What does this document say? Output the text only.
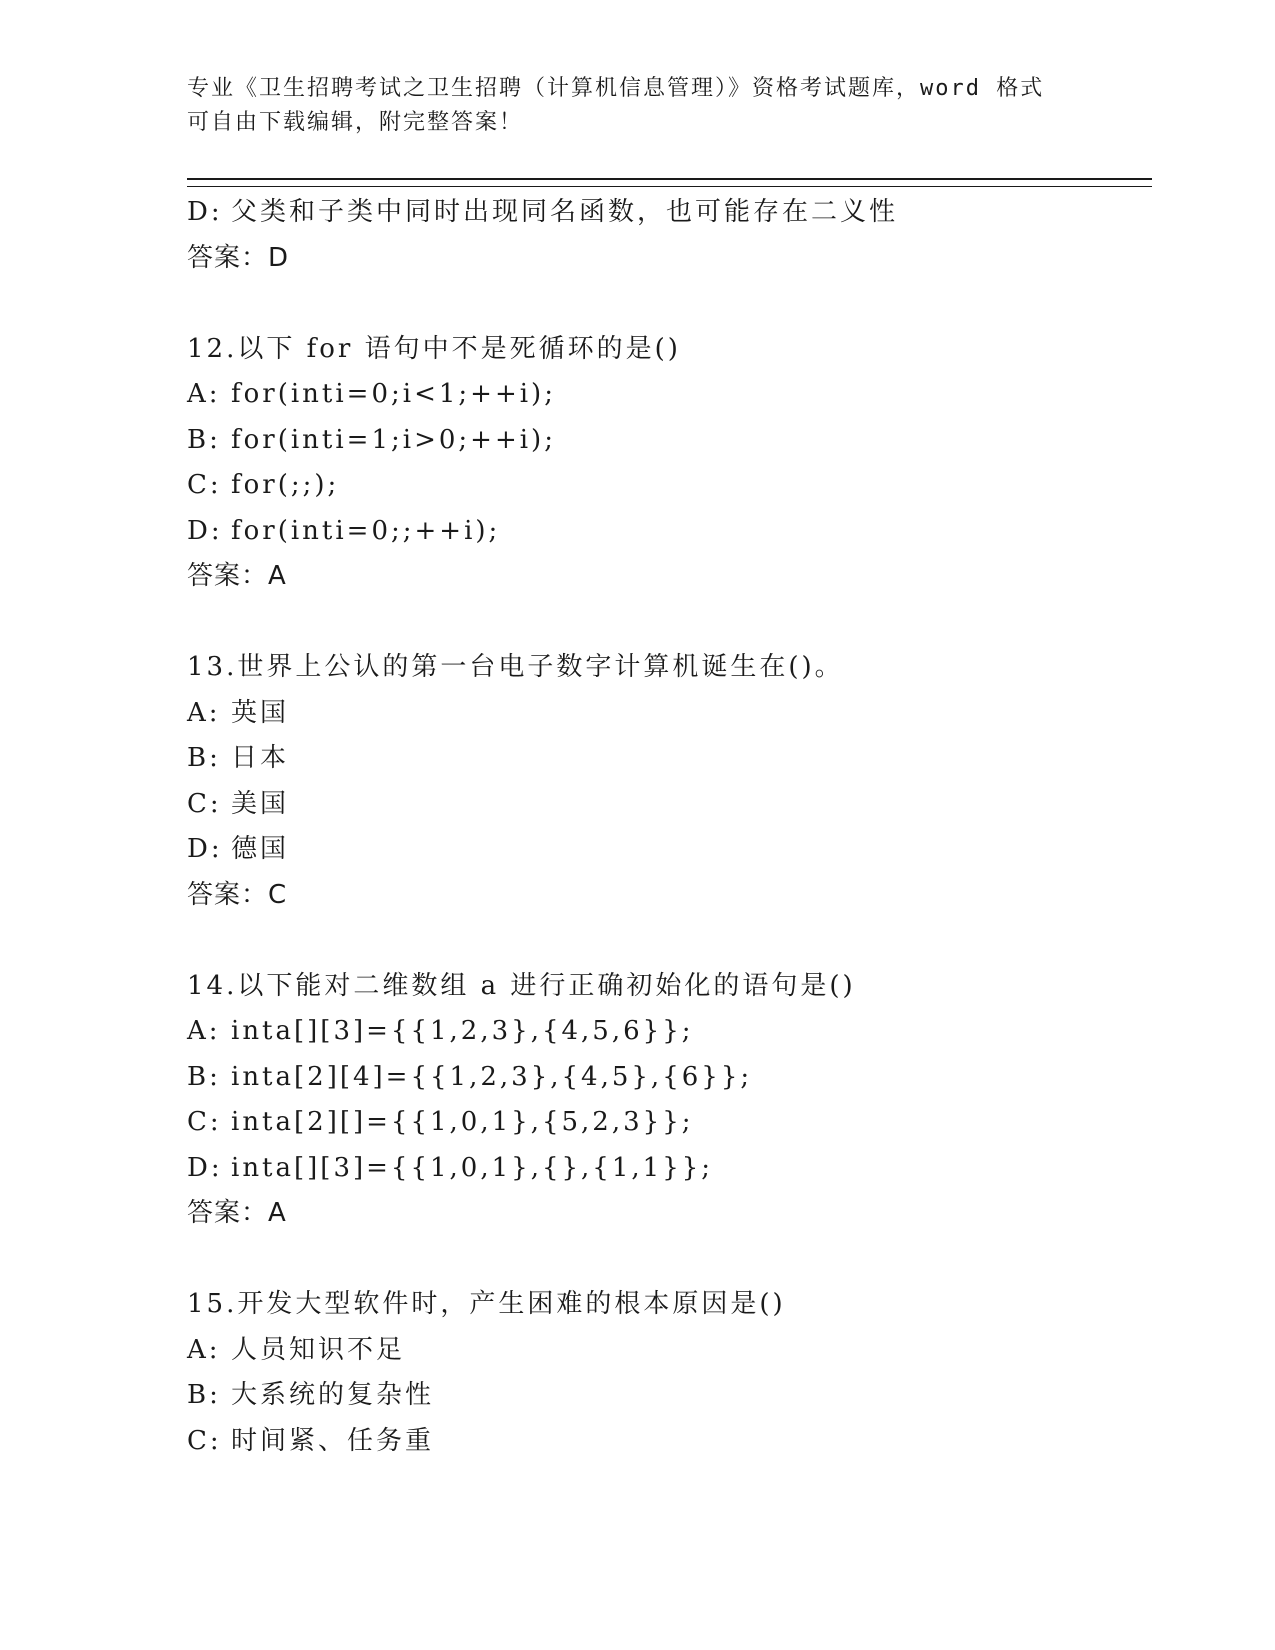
专业《卫生招聘考试之卫生招聘（计算机信息管理）》资格考试题库，word 格式
可自由下载编辑，附完整答案！
D: 父类和子类中同时出现同名函数，也可能存在二义性
答案：D
12.以下 for 语句中不是死循环的是()
A: for(inti=0;i<1;++i);
B: for(inti=1;i>0;++i);
C: for(;;);
D: for(inti=0;;++i);
答案：A
13.世界上公认的第一台电子数字计算机诞生在()。
A: 英国
B: 日本
C: 美国
D: 德国
答案：C
14.以下能对二维数组 a 进行正确初始化的语句是()
A: inta[][3]={{1,2,3},{4,5,6}};
B: inta[2][4]={{1,2,3},{4,5},{6}};
C: inta[2][]={{1,0,1},{5,2,3}};
D: inta[][3]={{1,0,1},{},{1,1}};
答案：A
15.开发大型软件时，产生困难的根本原因是()
A: 人员知识不足
B: 大系统的复杂性
C: 时间紧、任务重
